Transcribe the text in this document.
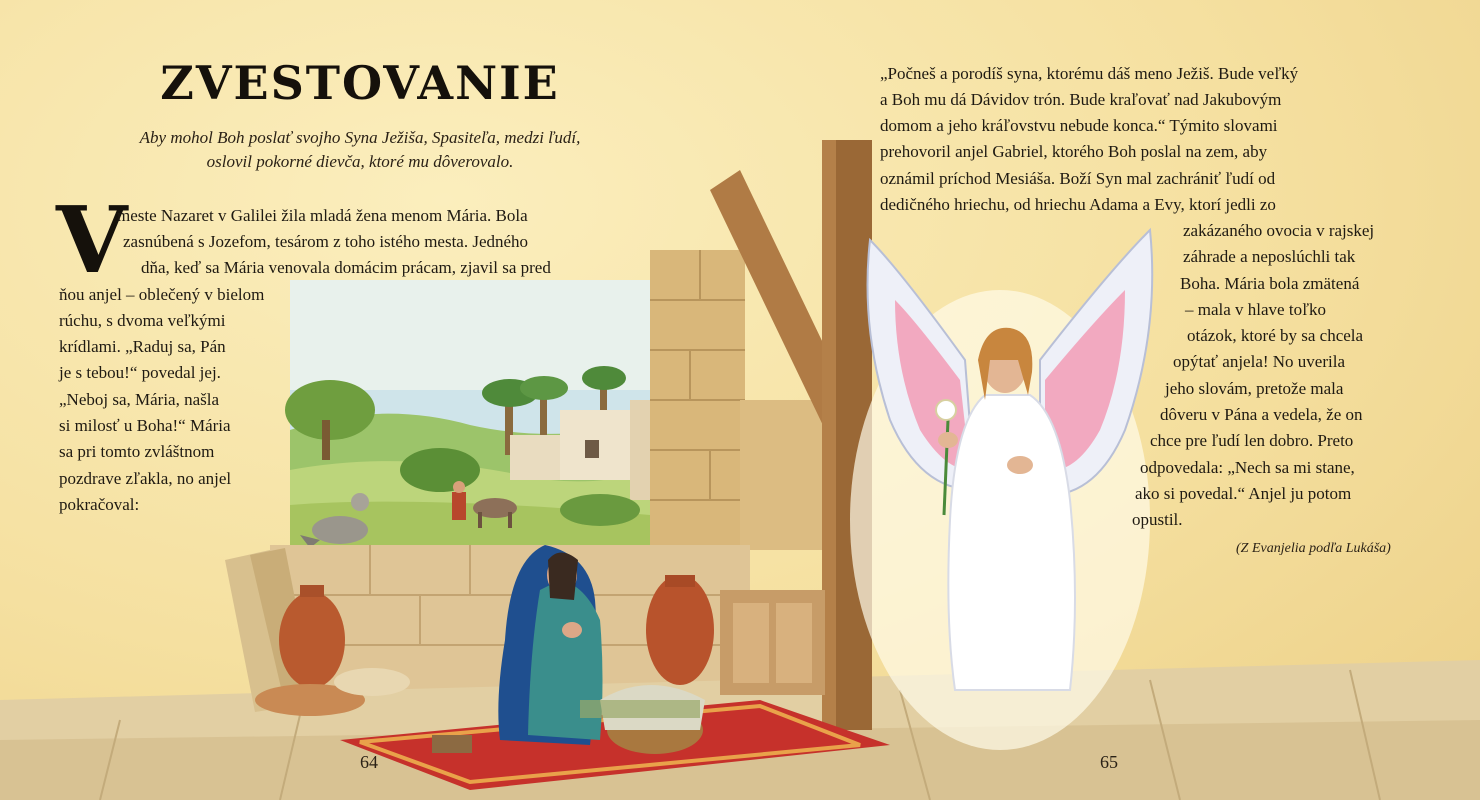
ZVESTOVANIE
Aby mohol Boh poslať svojho Syna Ježiša, Spasiteľa, medzi ľudí,
oslovil pokorné dievča, ktoré mu dôverovalo.
V
meste Nazaret v Galilei žila mladá žena menom Mária. Bola
zasnúbená s Jozefom, tesárom z toho istého mesta. Jedného
dňa, keď sa Mária venovala domácim prácam, zjavil sa pred
ňou anjel – oblečený v bielom
rúchu, s dvoma veľkými
krídlami. „Raduj sa, Pán
je s tebou!“ povedal jej.
„Neboj sa, Mária, našla
si milosť u Boha!“ Mária
sa pri tomto zvláštnom
pozdrave zľakla, no anjel
pokračoval:
„Počneš a porodíš syna, ktorému dáš meno Ježiš. Bude veľký
a Boh mu dá Dávidov trón. Bude kraľovať nad Jakubovým
domom a jeho kráľovstvu nebude konca.“ Týmito slovami
prehovoril anjel Gabriel, ktorého Boh poslal na zem, aby
oznámil príchod Mesiáša. Boží Syn mal zachrániť ľudí od
dedičného hriechu, od hriechu Adama a Evy, ktorí jedli zo
zakázaného ovocia v rajskej
záhrade a neposlúchli tak
Boha. Mária bola zmätená
– mala v hlave toľko
otázok, ktoré by sa chcela
opýtať anjela! No uverila
jeho slovám, pretože mala
dôveru v Pána a vedela, že on
chce pre ľudí len dobro. Preto
odpovedala: „Nech sa mi stane,
ako si povedal.“ Anjel ju potom
opustil.
(Z Evanjelia podľa Lukáša)
64	65
